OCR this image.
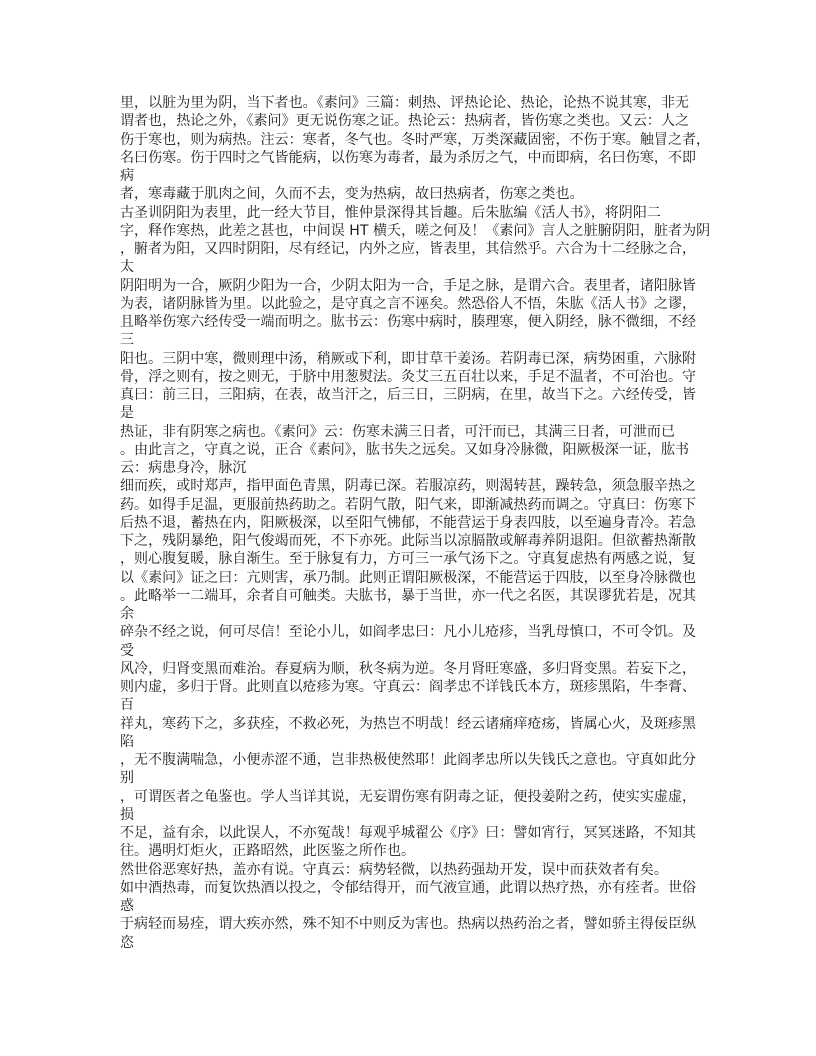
里，以脏为里为阴，当下者也。《素问》三篇：刺热、评热论论、热论，论热不说其寒，非无
谓者也，热论之外，《素问》更无说伤寒之证。热论云：热病者，皆伤寒之类也。又云：人之
伤于寒也，则为病热。注云：寒者，冬气也。冬时严寒，万类深藏固密，不伤于寒。触冒之者，
名曰伤寒。伤于四时之气皆能病，以伤寒为毒者，最为杀厉之气，中而即病，名曰伤寒，不即
病
者，寒毒藏于肌肉之间，久而不去，变为热病，故曰热病者，伤寒之类也。
古圣训阴阳为表里，此一经大节目，惟仲景深得其旨趣。后朱肱编《活人书》，将阴阳二
字，释作寒热，此差之甚也，中间误 HT 横夭，嗟之何及！《素问》言人之脏腑阴阳，脏者为阴
，腑者为阳，又四时阴阳，尽有经记，内外之应，皆表里，其信然乎。六合为十二经脉之合，
太
阴阳明为一合，厥阴少阳为一合，少阴太阳为一合，手足之脉，是谓六合。表里者，诸阳脉皆
为表，诸阴脉皆为里。以此验之，是守真之言不诬矣。然恐俗人不悟，朱肱《活人书》之谬，
且略举伤寒六经传受一端而明之。肱书云：伤寒中病时，腠理寒，便入阴经，脉不微细，不经
三
阳也。三阴中寒，微则理中汤，稍厥或下利，即甘草干姜汤。若阴毒已深，病势困重，六脉附
骨，浮之则有，按之则无，于脐中用葱熨法。灸艾三五百壮以来，手足不温者，不可治也。守
真曰：前三日，三阳病，在表，故当汗之，后三日，三阴病，在里，故当下之。六经传受，皆
是
热证，非有阴寒之病也。《素问》云：伤寒未满三日者，可汗而已，其满三日者，可泄而已
。由此言之，守真之说，正合《素问》，肱书失之远矣。又如身冷脉微，阳厥极深一证，肱书
云：病患身冷，脉沉
细而疾，或时郑声，指甲面色青黑，阴毒已深。若服凉药，则渴转甚，躁转急，须急服辛热之
药。如得手足温，更服前热药助之。若阴气散，阳气来，即渐减热药而调之。守真曰：伤寒下
后热不退，蓄热在内，阳厥极深，以至阳气怫郁，不能营运于身表四肢，以至遍身青冷。若急
下之，残阴暴绝，阳气俊竭而死，不下亦死。此际当以凉膈散或解毒养阴退阳。但欲蓄热渐散
，则心腹复暖，脉自渐生。至于脉复有力，方可三一承气汤下之。守真复虑热有两感之说，复
以《素问》证之曰：亢则害，承乃制。此则正谓阳厥极深，不能营运于四肢，以至身冷脉微也
。此略举一二端耳，余者自可触类。夫肱书，暴于当世，亦一代之名医，其误谬犹若是，况其
余
碎杂不经之说，何可尽信！至论小儿，如阎孝忠曰：凡小儿疮疹，当乳母慎口，不可令饥。及
受
风冷，归肾变黑而难治。春夏病为顺，秋冬病为逆。冬月肾旺寒盛，多归肾变黑。若妄下之，
则内虚，多归于肾。此则直以疮疹为寒。守真云：阎孝忠不详钱氏本方，斑疹黑陷，牛李膏、
百
祥丸，寒药下之，多获痊，不救必死，为热岂不明哉！经云诸痛痒疮疡，皆属心火，及斑疹黑
陷
，无不腹满喘急，小便赤涩不通，岂非热极使然耶！此阎孝忠所以失钱氏之意也。守真如此分
别
，可谓医者之龟鉴也。学人当详其说，无妄谓伤寒有阴毒之证，便投姜附之药，使实实虚虚，
损
不足，益有余，以此误人，不亦冤哉！每观乎城翟公《序》曰：譬如宵行，冥冥迷路，不知其
往。遇明灯炬火，正路昭然，此医鉴之所作也。
然世俗恶寒好热，盖亦有说。守真云：病势轻微，以热药强劫开发，误中而获效者有矣。
如中酒热毒，而复饮热酒以投之，令郁结得开，而气液宣通，此谓以热疗热，亦有痊者。世俗
惑
于病轻而易痊，谓大疾亦然，殊不知不中则反为害也。热病以热药治之者，譬如骄主得佞臣纵
恣
